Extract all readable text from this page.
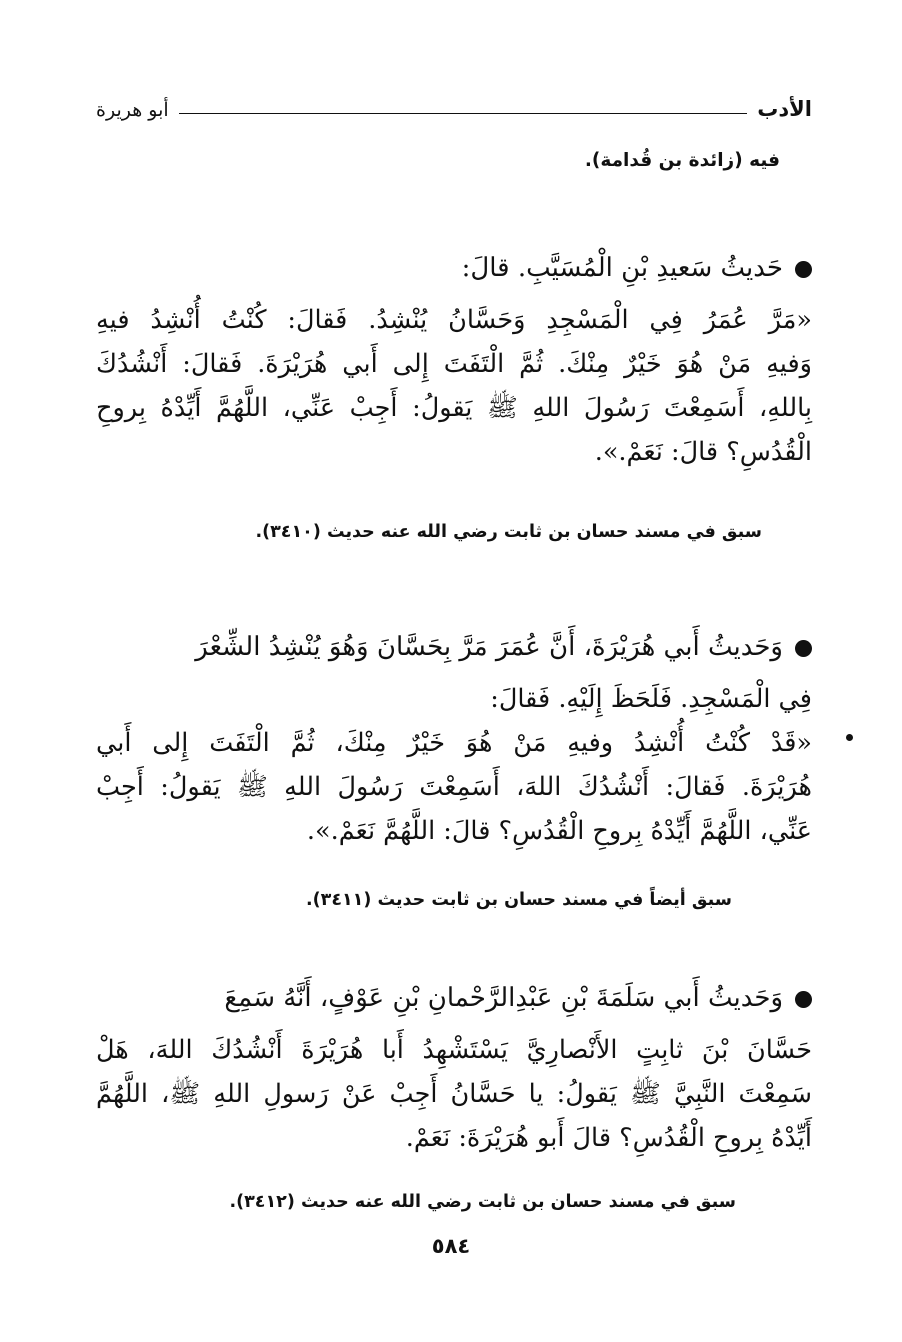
الأدب
أبو هريرة
فيه (زائدة بن قُدامة).
حَديثُ سَعيدِ بْنِ الْمُسَيَّبِ. قالَ:
«مَرَّ عُمَرُ فِي الْمَسْجِدِ وَحَسَّانُ يُنْشِدُ. فَقالَ: كُنْتُ أُنْشِدُ فيهِ
وَفيهِ مَنْ هُوَ خَيْرٌ مِنْكَ. ثُمَّ الْتَفَتَ إِلى أَبي هُرَيْرَةَ. فَقالَ: أَنْشُدُكَ
بِاللهِ، أَسَمِعْتَ رَسُولَ اللهِ ﷺ يَقولُ: أَجِبْ عَنِّي، اللَّهُمَّ أَيِّدْهُ بِروحِ
الْقُدُسِ؟ قالَ: نَعَمْ.».
سبق في مسند حسان بن ثابت رضي الله عنه حديث (٣٤١٠).
وَحَديثُ أَبي هُرَيْرَةَ، أَنَّ عُمَرَ مَرَّ بِحَسَّانَ وَهُوَ يُنْشِدُ الشِّعْرَ
فِي الْمَسْجِدِ. فَلَحَظَ إِلَيْهِ. فَقالَ:
«قَدْ كُنْتُ أُنْشِدُ وفيهِ مَنْ هُوَ خَيْرٌ مِنْكَ، ثُمَّ الْتَفَتَ إِلى أَبي
هُرَيْرَةَ. فَقالَ: أَنْشُدُكَ اللهَ، أَسَمِعْتَ رَسُولَ اللهِ ﷺ يَقولُ: أَجِبْ
عَنِّي، اللَّهُمَّ أَيِّدْهُ بِروحِ الْقُدُسِ؟ قالَ: اللَّهُمَّ نَعَمْ.».
سبق أيضاً في مسند حسان بن ثابت حديث (٣٤١١).
وَحَديثُ أَبي سَلَمَةَ بْنِ عَبْدِالرَّحْمانِ بْنِ عَوْفٍ، أَنَّهُ سَمِعَ
حَسَّانَ بْنَ ثابِتٍ الأَنْصارِيَّ يَسْتَشْهِدُ أَبا هُرَيْرَةَ أَنْشُدُكَ اللهَ، هَلْ
سَمِعْتَ النَّبِيَّ ﷺ يَقولُ: يا حَسَّانُ أَجِبْ عَنْ رَسولِ اللهِ ﷺ، اللَّهُمَّ
أَيِّدْهُ بِروحِ الْقُدُسِ؟ قالَ أَبو هُرَيْرَةَ: نَعَمْ.
سبق في مسند حسان بن ثابت رضي الله عنه حديث (٣٤١٢).
٥٨٤
